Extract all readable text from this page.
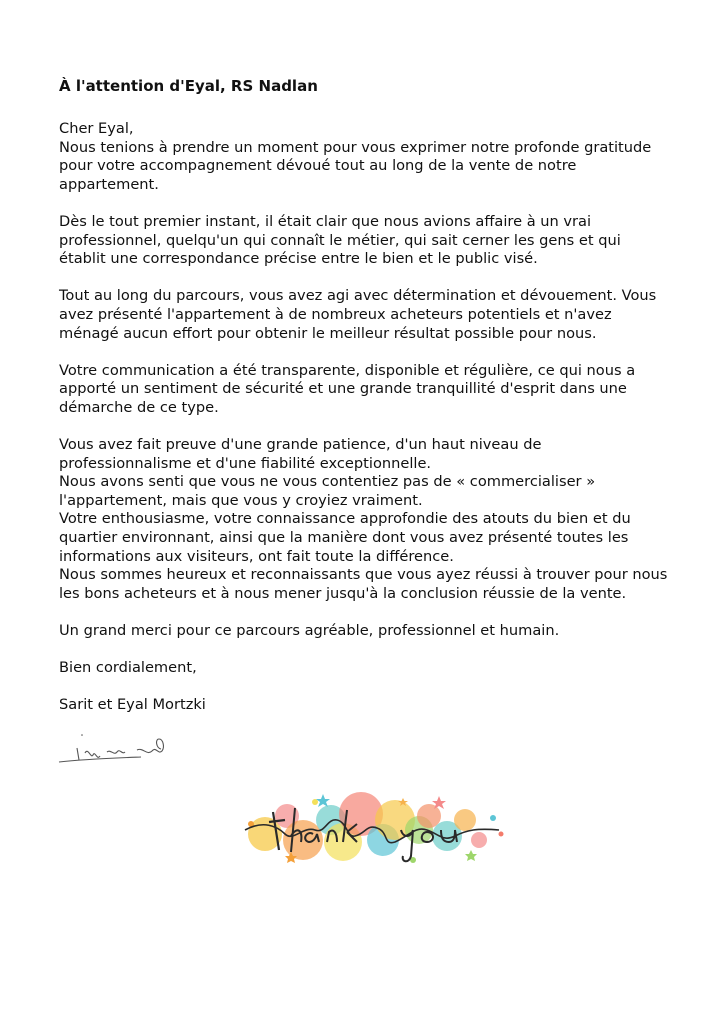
À l'attention d'Eyal, RS Nadlan

Cher Eyal,
Nous tenions à prendre un moment pour vous exprimer notre profonde gratitude
pour votre accompagnement dévoué tout au long de la vente de notre
appartement.

Dès le tout premier instant, il était clair que nous avions affaire à un vrai
professionnel, quelqu'un qui connaît le métier, qui sait cerner les gens et qui
établit une correspondance précise entre le bien et le public visé.

Tout au long du parcours, vous avez agi avec détermination et dévouement. Vous
avez présenté l'appartement à de nombreux acheteurs potentiels et n'avez
ménagé aucun effort pour obtenir le meilleur résultat possible pour nous.

Votre communication a été transparente, disponible et régulière, ce qui nous a
apporté un sentiment de sécurité et une grande tranquillité d'esprit dans une
démarche de ce type.

Vous avez fait preuve d'une grande patience, d'un haut niveau de
professionnalisme et d'une fiabilité exceptionnelle.
Nous avons senti que vous ne vous contentiez pas de « commercialiser »
l'appartement, mais que vous y croyiez vraiment.
Votre enthousiasme, votre connaissance approfondie des atouts du bien et du
quartier environnant, ainsi que la manière dont vous avez présenté toutes les
informations aux visiteurs, ont fait toute la différence.
Nous sommes heureux et reconnaissants que vous ayez réussi à trouver pour nous
les bons acheteurs et à nous mener jusqu'à la conclusion réussie de la vente.

Un grand merci pour ce parcours agréable, professionnel et humain.

Bien cordialement,

Sarit et Eyal Mortzki
